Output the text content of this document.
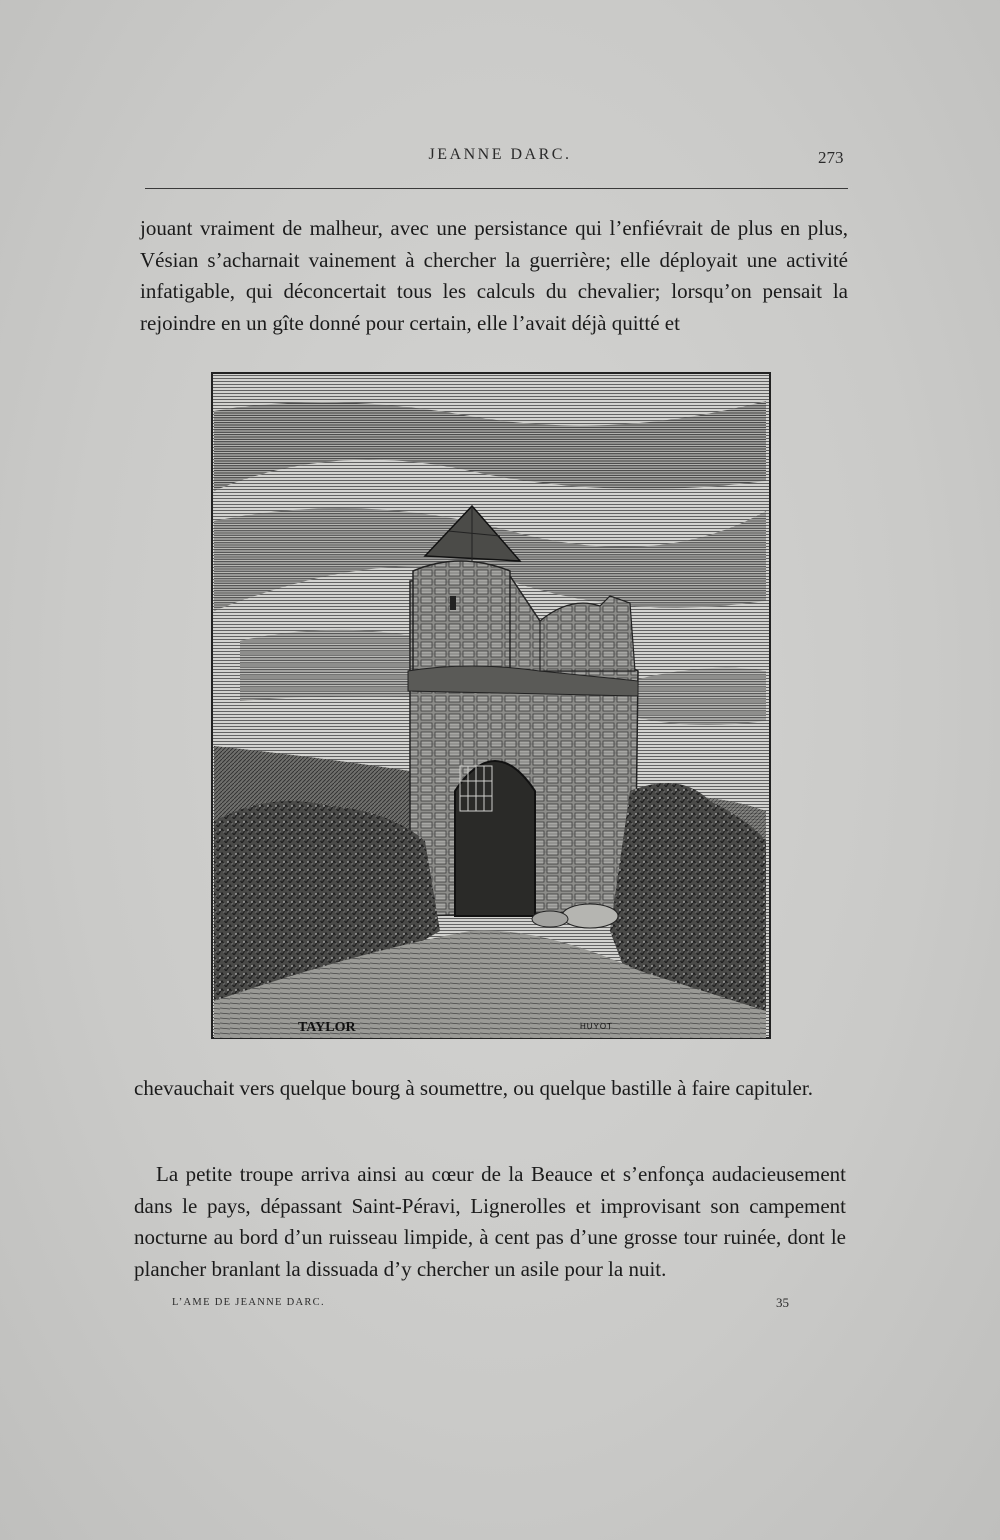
JEANNE DARC.	273

jouant vraiment de malheur, avec une persistance qui l’enfiévrait de plus en plus, Vésian s’acharnait vainement à chercher la guerrière; elle déployait une activité infatigable, qui déconcertait tous les calculs du chevalier; lorsqu’on pensait la rejoindre en un gîte donné pour certain, elle l’avait déjà quitté et

TAYLOR	HUYOT

chevauchait vers quelque bourg à soumettre, ou quelque bastille à faire capituler.

La petite troupe arriva ainsi au cœur de la Beauce et s’enfonça audacieusement dans le pays, dépassant Saint-Péravi, Lignerolles et improvisant son campement nocturne au bord d’un ruisseau limpide, à cent pas d’une grosse tour ruinée, dont le plancher branlant la dissuada d’y chercher un asile pour la nuit.

L’AME DE JEANNE DARC.	35
